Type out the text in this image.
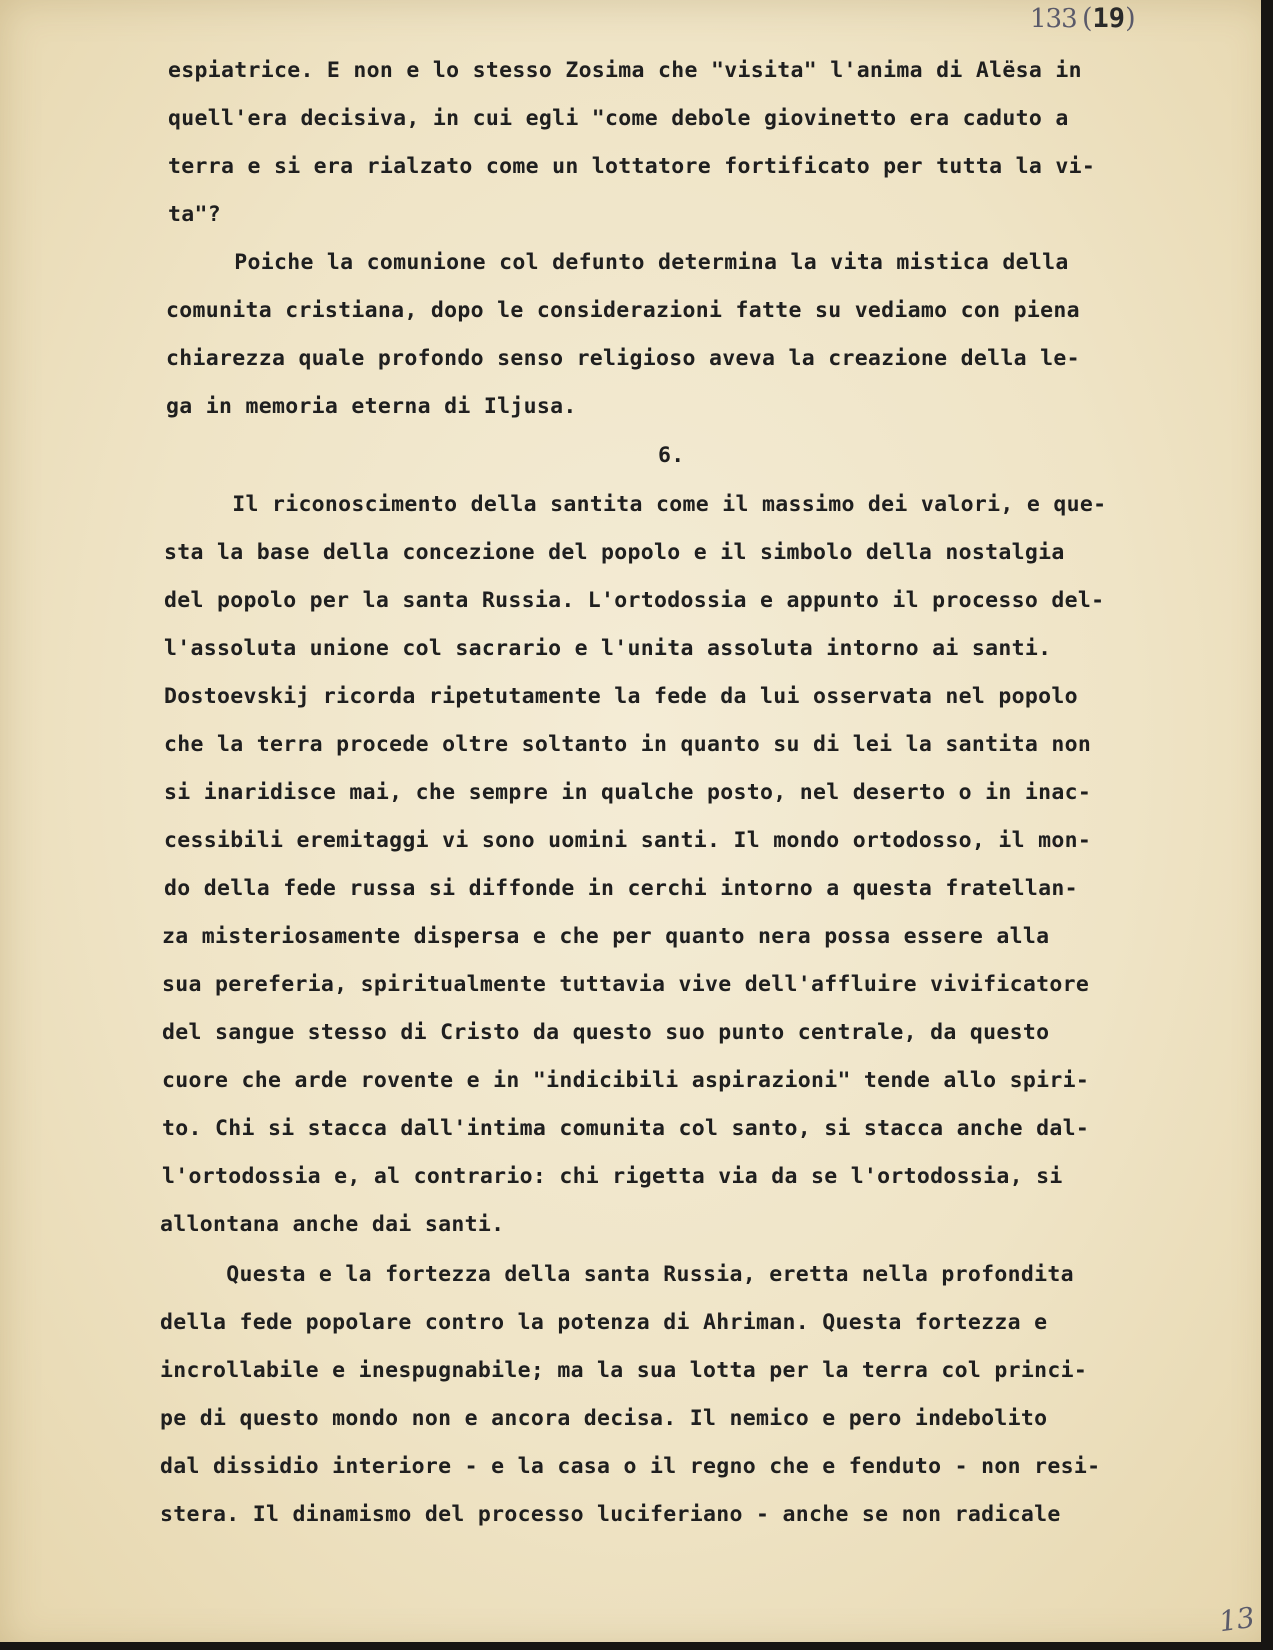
133 (19)
espiatrice. E non e lo stesso Zosima che "visita" l'anima di Alësa in
quell'era decisiva, in cui egli "come debole giovinetto era caduto a
terra e si era rialzato come un lottatore fortificato per tutta la vi-
ta"?
Poiche la comunione col defunto determina la vita mistica della
comunita cristiana, dopo le considerazioni fatte su vediamo con piena
chiarezza quale profondo senso religioso aveva la creazione della le-
ga in memoria eterna di Iljusa.
6.
Il riconoscimento della santita come il massimo dei valori, e que-
sta la base della concezione del popolo e il simbolo della nostalgia
del popolo per la santa Russia. L'ortodossia e appunto il processo del-
l'assoluta unione col sacrario e l'unita assoluta intorno ai santi.
Dostoevskij ricorda ripetutamente la fede da lui osservata nel popolo
che la terra procede oltre soltanto in quanto su di lei la santita non
si inaridisce mai, che sempre in qualche posto, nel deserto o in inac-
cessibili eremitaggi vi sono uomini santi. Il mondo ortodosso, il mon-
do della fede russa si diffonde in cerchi intorno a questa fratellan-
za misteriosamente dispersa e che per quanto nera possa essere alla
sua pereferia, spiritualmente tuttavia vive dell'affluire vivificatore
del sangue stesso di Cristo da questo suo punto centrale, da questo
cuore che arde rovente e in "indicibili aspirazioni" tende allo spiri-
to. Chi si stacca dall'intima comunita col santo, si stacca anche dal-
l'ortodossia e, al contrario: chi rigetta via da se l'ortodossia, si
allontana anche dai santi.
Questa e la fortezza della santa Russia, eretta nella profondita
della fede popolare contro la potenza di Ahriman. Questa fortezza e
incrollabile e inespugnabile; ma la sua lotta per la terra col princi-
pe di questo mondo non e ancora decisa. Il nemico e pero indebolito
dal dissidio interiore - e la casa o il regno che e fenduto - non resi-
stera. Il dinamismo del processo luciferiano - anche se non radicale
13
